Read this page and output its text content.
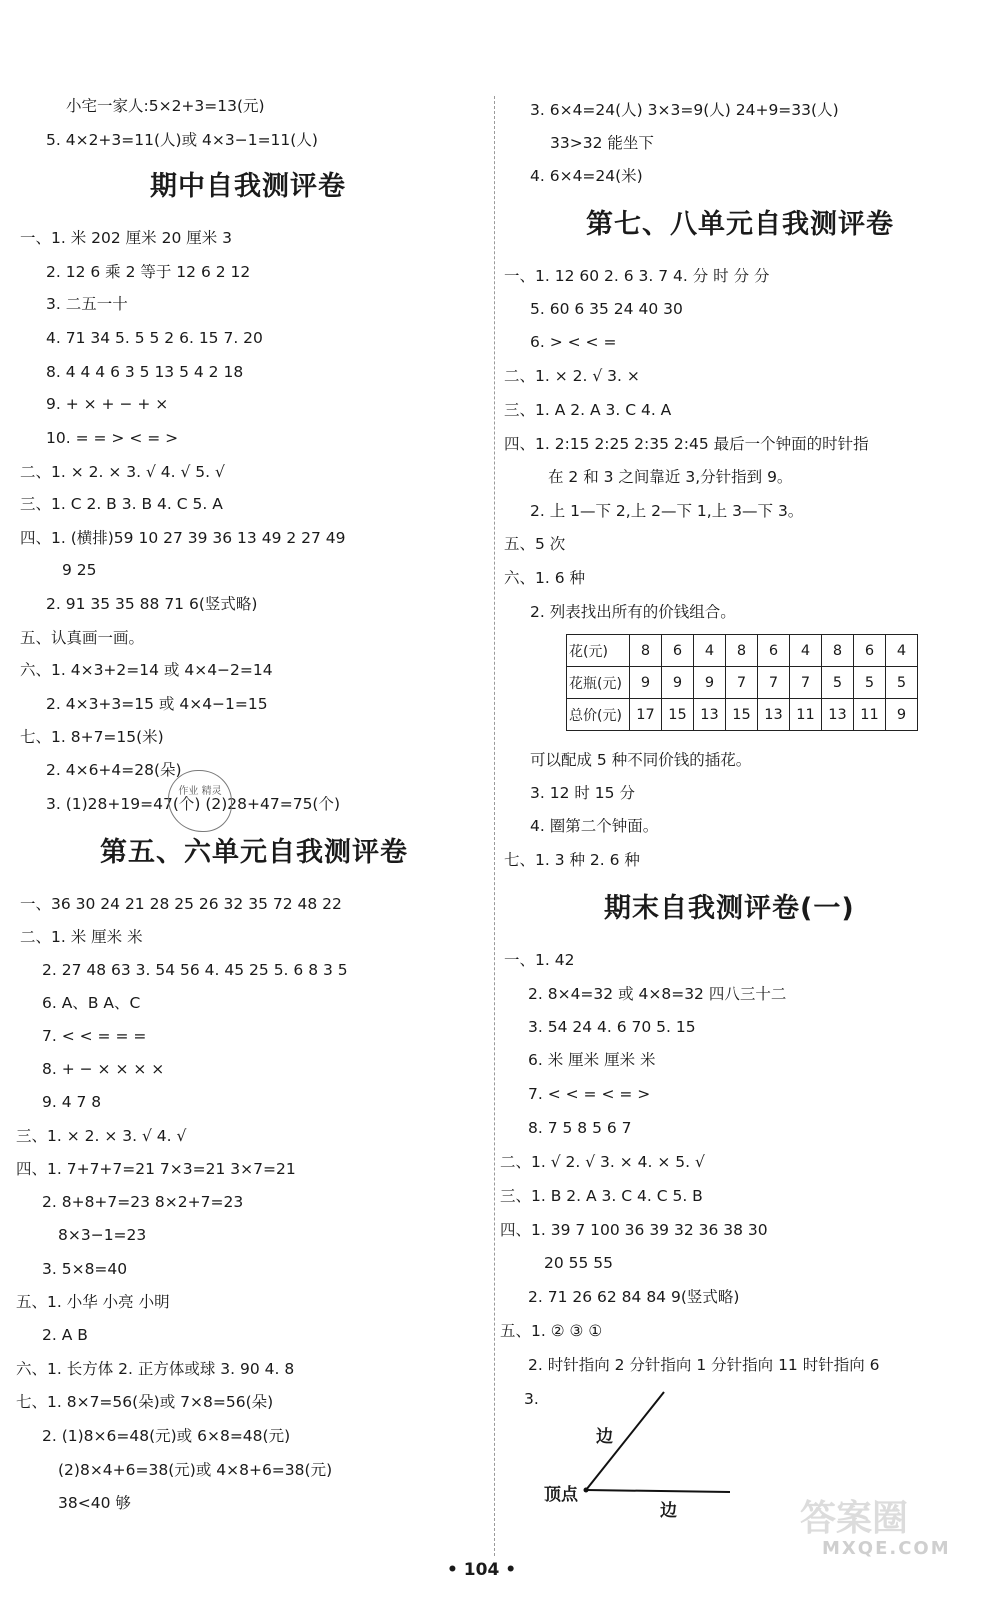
小宅一家人:5×2+3=13(元)
5. 4×2+3=11(人)或 4×3−1=11(人)
期中自我测评卷
一、1. 米 202 厘米 20 厘米 3
2. 12 6 乘 2 等于 12 6 2 12
3. 二五一十
4. 71 34 5. 5 5 2 6. 15 7. 20
8. 4 4 4 6 3 5 13 5 4 2 18
9. + × + − + ×
10. = = > < = >
二、1. × 2. × 3. √ 4. √ 5. √
三、1. C 2. B 3. B 4. C 5. A
四、1. (横排)59 10 27 39 36 13 49 2 27 49
9 25
2. 91 35 35 88 71 6(竖式略)
五、认真画一画。
六、1. 4×3+2=14 或 4×4−2=14
2. 4×3+3=15 或 4×4−1=15
七、1. 8+7=15(米)
2. 4×6+4=28(朵)
3. (1)28+19=47(个) (2)28+47=75(个)
作业 精灵
第五、六单元自我测评卷
一、36 30 24 21 28 25 26 32 35 72 48 22
二、1. 米 厘米 米
2. 27 48 63 3. 54 56 4. 45 25 5. 6 8 3 5
6. A、B A、C
7. < < = = =
8. + − × × × ×
9. 4 7 8
三、1. × 2. × 3. √ 4. √
四、1. 7+7+7=21 7×3=21 3×7=21
2. 8+8+7=23 8×2+7=23
8×3−1=23
3. 5×8=40
五、1. 小华 小亮 小明
2. A B
六、1. 长方体 2. 正方体或球 3. 90 4. 8
七、1. 8×7=56(朵)或 7×8=56(朵)
2. (1)8×6=48(元)或 6×8=48(元)
(2)8×4+6=38(元)或 4×8+6=38(元)
38<40 够
3. 6×4=24(人) 3×3=9(人) 24+9=33(人)
33>32 能坐下
4. 6×4=24(米)
第七、八单元自我测评卷
一、1. 12 60 2. 6 3. 7 4. 分 时 分 分
5. 60 6 35 24 40 30
6. > < < =
二、1. × 2. √ 3. ×
三、1. A 2. A 3. C 4. A
四、1. 2:15 2:25 2:35 2:45 最后一个钟面的时针指
在 2 和 3 之间靠近 3,分针指到 9。
2. 上 1—下 2,上 2—下 1,上 3—下 3。
五、5 次
六、1. 6 种
2. 列表找出所有的价钱组合。
花(元)	8	6	4	8	6	4	8	6	4
花瓶(元)	9	9	9	7	7	7	5	5	5
总价(元)	17	15	13	15	13	11	13	11	9
可以配成 5 种不同价钱的插花。
3. 12 时 15 分
4. 圈第二个钟面。
七、1. 3 种 2. 6 种
期末自我测评卷(一)
一、1. 42
2. 8×4=32 或 4×8=32 四八三十二
3. 54 24 4. 6 70 5. 15
6. 米 厘米 厘米 米
7. < < = < = >
8. 7 5 8 5 6 7
二、1. √ 2. √ 3. × 4. × 5. √
三、1. B 2. A 3. C 4. C 5. B
四、1. 39 7 100 36 39 32 36 38 30
20 55 55
2. 71 26 62 84 84 9(竖式略)
五、1. ② ③ ①
2. 时针指向 2 分针指向 1 分针指向 11 时针指向 6
3.
边
顶点
边	答案圈
MXQE.COM
• 104 •
